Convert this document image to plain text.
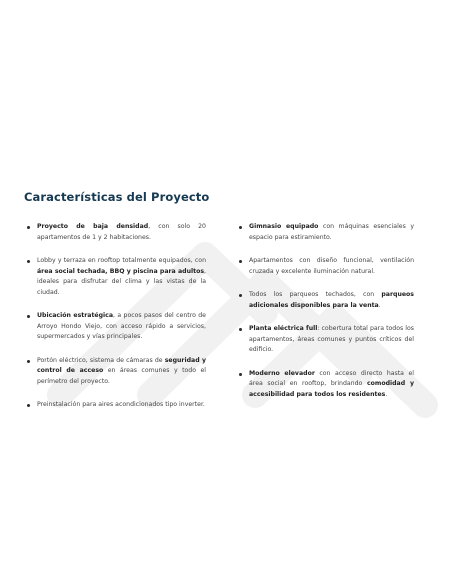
Características del Proyecto
Proyecto de baja densidad, con solo 20 apartamentos de 1 y 2 habitaciones.
Lobby y terraza en rooftop totalmente equipados, con área social techada, BBQ y piscina para adultos, ideales para disfrutar del clima y las vistas de la ciudad.
Ubicación estratégica, a pocos pasos del centro de Arroyo Hondo Viejo, con acceso rápido a servicios, supermercados y vías principales.
Portón eléctrico, sistema de cámaras de seguridad y control de acceso en áreas comunes y todo el perímetro del proyecto.
Preinstalación para aires acondicionados tipo inverter.
Gimnasio equipado con máquinas esenciales y espacio para estiramiento.
Apartamentos con diseño funcional, ventilación cruzada y excelente iluminación natural.
Todos los parqueos techados, con parqueos adicionales disponibles para la venta.
Planta eléctrica full: cobertura total para todos los apartamentos, áreas comunes y puntos críticos del edificio.
Moderno elevador con acceso directo hasta el área social en rooftop, brindando comodidad y accesibilidad para todos los residentes.
